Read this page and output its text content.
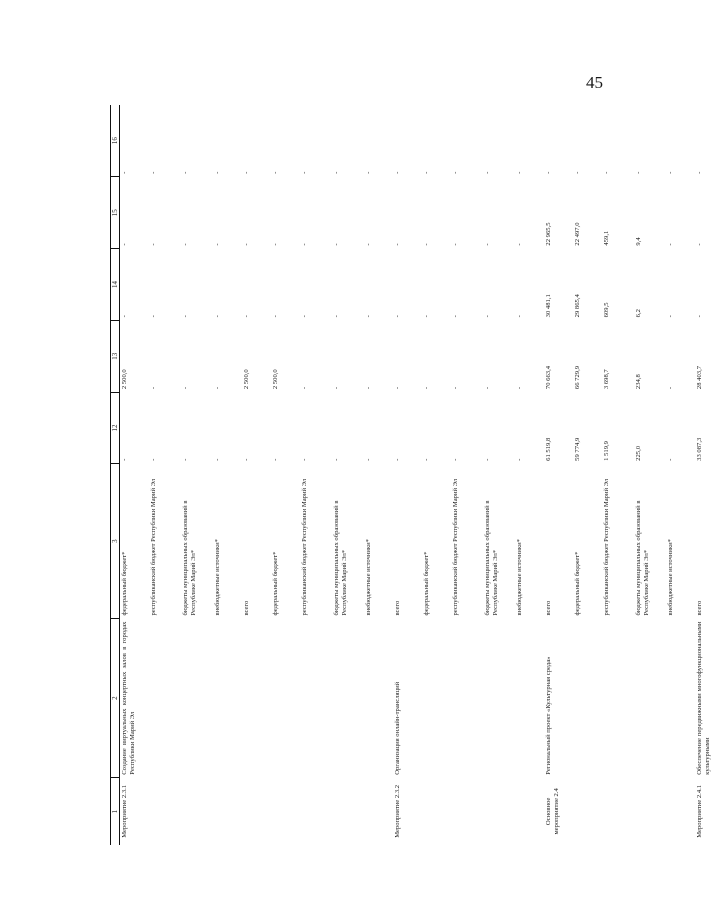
45
1	2	3	12	13	14	15	16
Мероприятие 2.3.1	Создание виртуальных концертных залов в городах Республики Марий Эл	федеральный бюджет*	-	2 500,0	-	-	-
		республиканский бюджет Республики Марий Эл	-	-	-	-	-
		бюджеты муниципальных образований в Республике Марий Эл*	-	-	-	-	-
		внебюджетные источники*	-	-	-	-	-
		всего	-	2 500,0	-	-	-
		федеральный бюджет*	-	2 500,0	-	-	-
		республиканский бюджет Республики Марий Эл	-	-	-	-	-
		бюджеты муниципальных образований в Республике Марий Эл*	-	-	-	-	-
		внебюджетные источники*	-	-	-	-	-
Мероприятие 2.3.2	Организация онлайн-трансляций	всего	-	-	-	-	-
		федеральный бюджет*	-	-	-	-	-
		республиканский бюджет Республики Марий Эл	-	-	-	-	-
		бюджеты муниципальных образований в Республике Марий Эл*	-	-	-	-	-
		внебюджетные источники*	-	-	-	-	-
Основное мероприятие 2.4	Региональный проект «Культурная среда»	всего	61 519,8	70 663,4	30 481,1	22 965,5	-
		федеральный бюджет*	59 774,9	66 729,9	29 865,4	22 497,0	-
		республиканский бюджет Республики Марий Эл	1 519,9	3 698,7	609,5	459,1	-
		бюджеты муниципальных образований в Республике Марий Эл*	225,0	234,8	6,2	9,4	-
		внебюджетные источники*	-	-	-	-	-
Мероприятие 2.4.1	Обеспечение передвижными многофункциональными культурными	всего	33 087,3	28 403,7	-	-	-
